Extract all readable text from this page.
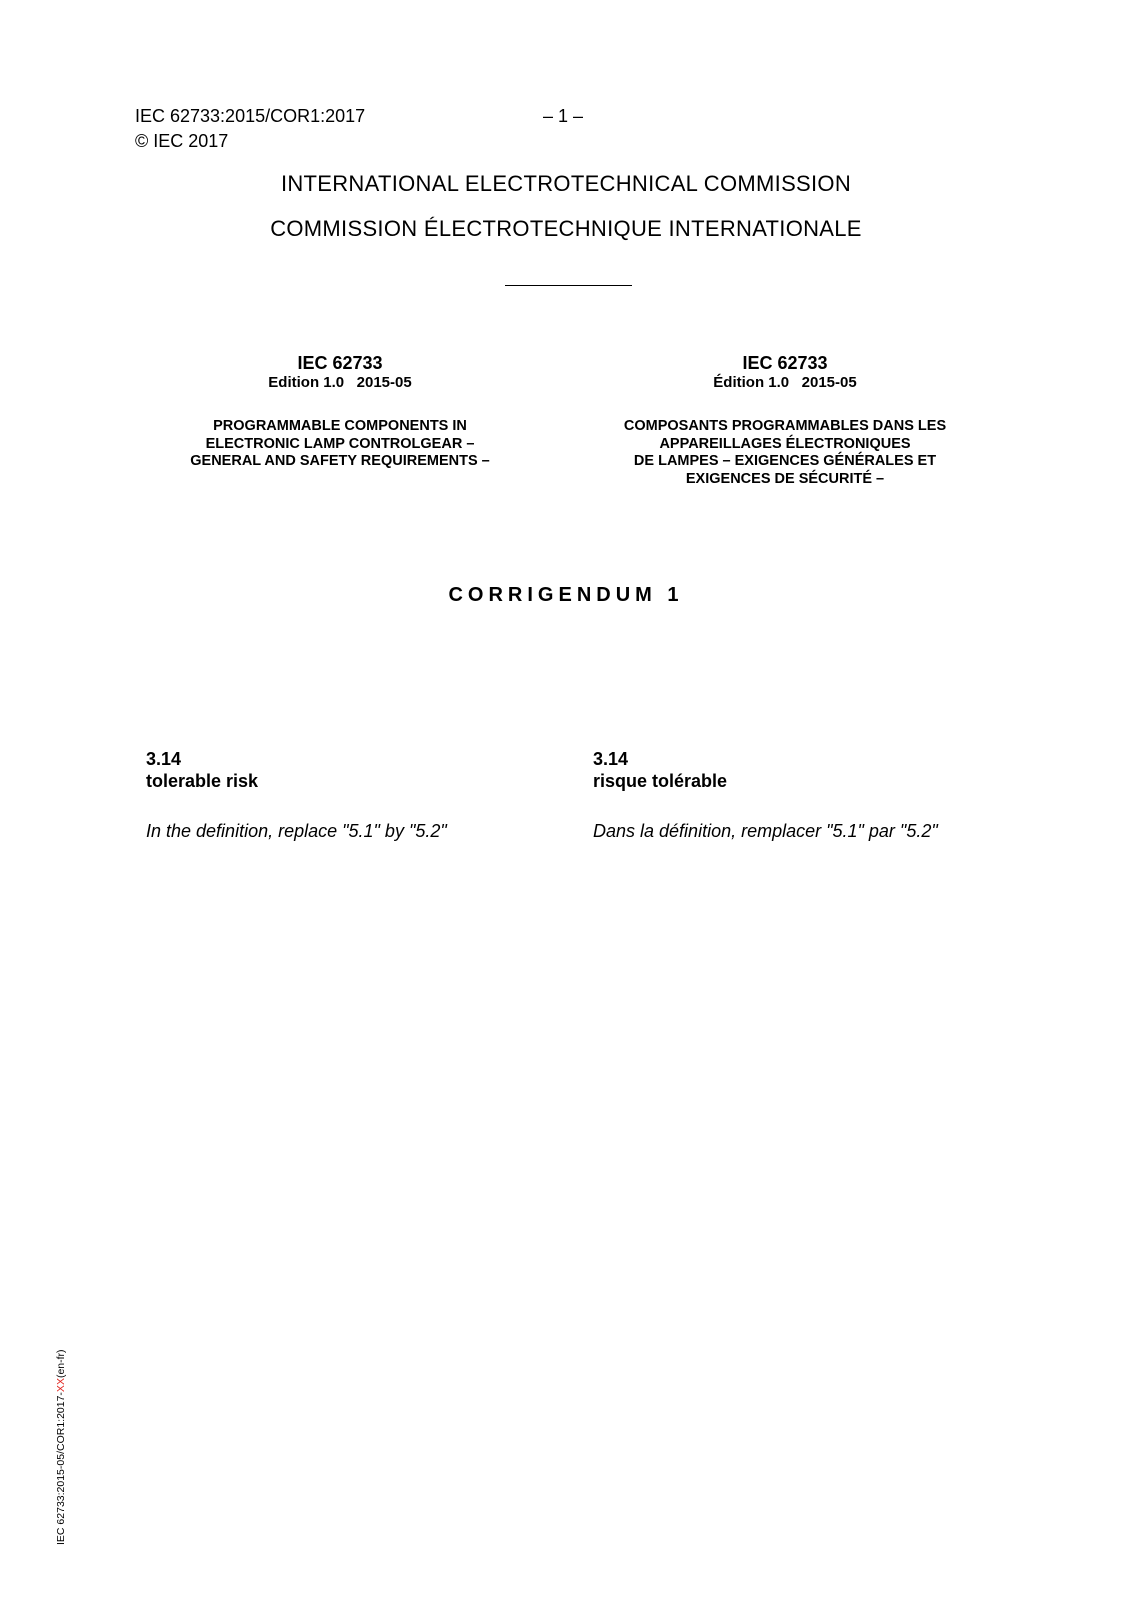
IEC 62733:2015/COR1:2017	– 1 –
© IEC 2017
INTERNATIONAL ELECTROTECHNICAL COMMISSION
COMMISSION ÉLECTROTECHNIQUE INTERNATIONALE
IEC 62733
Edition 1.0   2015-05
PROGRAMMABLE COMPONENTS IN
ELECTRONIC LAMP CONTROLGEAR –
GENERAL AND SAFETY REQUIREMENTS –
IEC 62733
Édition 1.0   2015-05
COMPOSANTS PROGRAMMABLES DANS LES
APPAREILLAGES ÉLECTRONIQUES
DE LAMPES – EXIGENCES GÉNÉRALES ET
EXIGENCES DE SÉCURITÉ –
CORRIGENDUM 1
3.14
tolerable risk
In the definition, replace "5.1" by "5.2"
3.14
risque tolérable
Dans la définition, remplacer "5.1" par "5.2"
IEC 62733:2015-05/COR1:2017-XX(en-fr)
